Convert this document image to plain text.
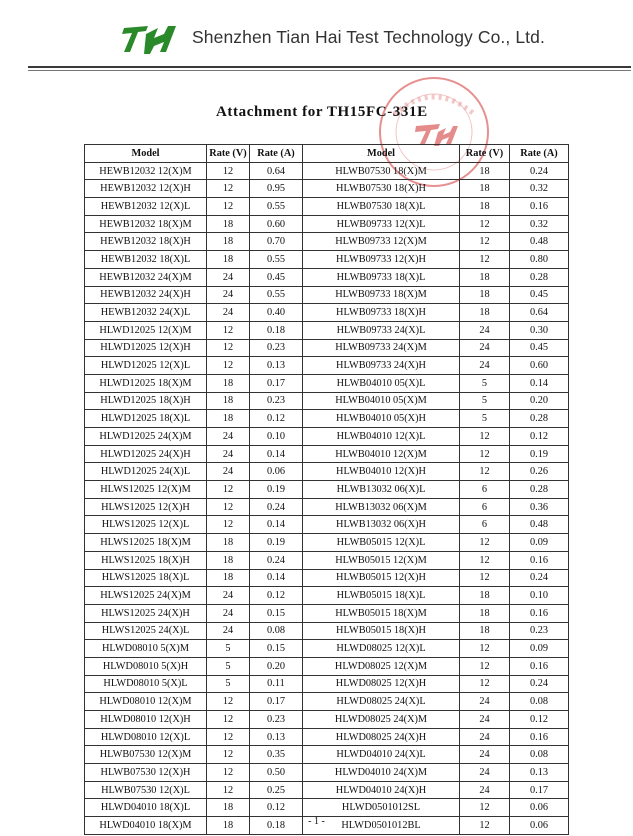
Shenzhen Tian Hai Test Technology Co., Ltd.
Attachment for TH15FC-331E
Model	Rate (V)	Rate (A)	Model	Rate (V)	Rate (A)
HEWB12032 12(X)M	12	0.64	HLWB07530 18(X)M	18	0.24
HEWB12032 12(X)H	12	0.95	HLWB07530 18(X)H	18	0.32
HEWB12032 12(X)L	12	0.55	HLWB07530 18(X)L	18	0.16
HEWB12032 18(X)M	18	0.60	HLWB09733 12(X)L	12	0.32
HEWB12032 18(X)H	18	0.70	HLWB09733 12(X)M	12	0.48
HEWB12032 18(X)L	18	0.55	HLWB09733 12(X)H	12	0.80
HEWB12032 24(X)M	24	0.45	HLWB09733 18(X)L	18	0.28
HEWB12032 24(X)H	24	0.55	HLWB09733 18(X)M	18	0.45
HEWB12032 24(X)L	24	0.40	HLWB09733 18(X)H	18	0.64
HLWD12025 12(X)M	12	0.18	HLWB09733 24(X)L	24	0.30
HLWD12025 12(X)H	12	0.23	HLWB09733 24(X)M	24	0.45
HLWD12025 12(X)L	12	0.13	HLWB09733 24(X)H	24	0.60
HLWD12025 18(X)M	18	0.17	HLWB04010 05(X)L	5	0.14
HLWD12025 18(X)H	18	0.23	HLWB04010 05(X)M	5	0.20
HLWD12025 18(X)L	18	0.12	HLWB04010 05(X)H	5	0.28
HLWD12025 24(X)M	24	0.10	HLWB04010 12(X)L	12	0.12
HLWD12025 24(X)H	24	0.14	HLWB04010 12(X)M	12	0.19
HLWD12025 24(X)L	24	0.06	HLWB04010 12(X)H	12	0.26
HLWS12025 12(X)M	12	0.19	HLWB13032 06(X)L	6	0.28
HLWS12025 12(X)H	12	0.24	HLWB13032 06(X)M	6	0.36
HLWS12025 12(X)L	12	0.14	HLWB13032 06(X)H	6	0.48
HLWS12025 18(X)M	18	0.19	HLWB05015 12(X)L	12	0.09
HLWS12025 18(X)H	18	0.24	HLWB05015 12(X)M	12	0.16
HLWS12025 18(X)L	18	0.14	HLWB05015 12(X)H	12	0.24
HLWS12025 24(X)M	24	0.12	HLWB05015 18(X)L	18	0.10
HLWS12025 24(X)H	24	0.15	HLWB05015 18(X)M	18	0.16
HLWS12025 24(X)L	24	0.08	HLWB05015 18(X)H	18	0.23
HLWD08010 5(X)M	5	0.15	HLWD08025 12(X)L	12	0.09
HLWD08010 5(X)H	5	0.20	HLWD08025 12(X)M	12	0.16
HLWD08010 5(X)L	5	0.11	HLWD08025 12(X)H	12	0.24
HLWD08010 12(X)M	12	0.17	HLWD08025 24(X)L	24	0.08
HLWD08010 12(X)H	12	0.23	HLWD08025 24(X)M	24	0.12
HLWD08010 12(X)L	12	0.13	HLWD08025 24(X)H	24	0.16
HLWB07530 12(X)M	12	0.35	HLWD04010 24(X)L	24	0.08
HLWB07530 12(X)H	12	0.50	HLWD04010 24(X)M	24	0.13
HLWB07530 12(X)L	12	0.25	HLWD04010 24(X)H	24	0.17
HLWD04010 18(X)L	18	0.12	HLWD0501012SL	12	0.06
HLWD04010 18(X)M	18	0.18	HLWD0501012BL	12	0.06
- 1 -
